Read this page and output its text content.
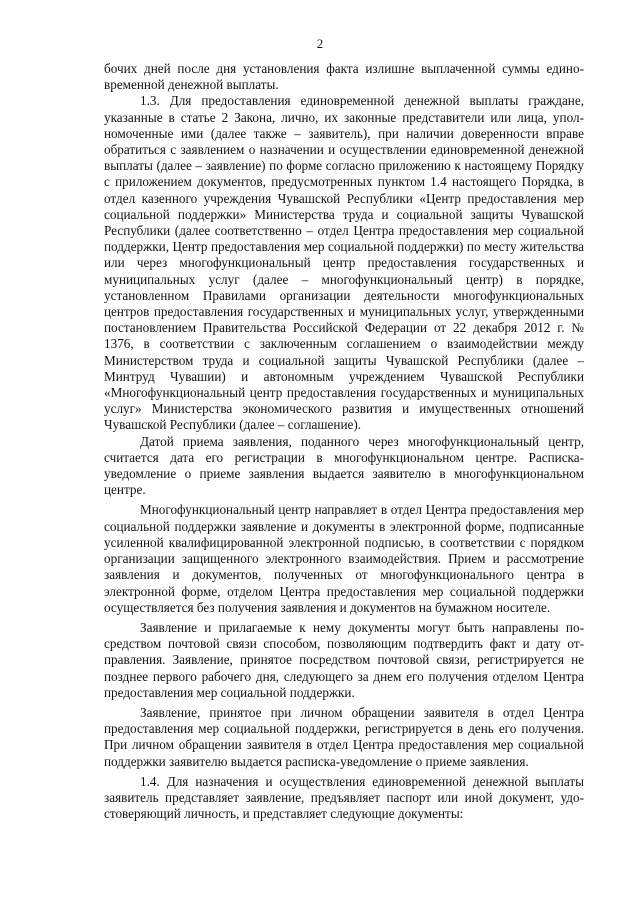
2

бочих дней после дня установления факта излишне выплаченной суммы единовременной денежной выплаты.

1.3. Для предоставления единовременной денежной выплаты граждане, указанные в статье 2 Закона, лично, их законные представители или лица, уполномоченные ими (далее также – заявитель), при наличии доверенности вправе обратиться с заявлением о назначении и осуществлении единовременной денежной выплаты (далее – заявление) по форме согласно приложению к настоящему Порядку с приложением документов, предусмотренных пунктом 1.4 настоящего Порядка, в отдел казенного учреждения Чувашской Республики «Центр предоставления мер социальной поддержки» Министерства труда и социальной защиты Чувашской Республики (далее соответственно – отдел Центра предоставления мер социальной поддержки, Центр предоставления мер социальной поддержки) по месту жительства или через многофункциональный центр предоставления государственных и муниципальных услуг (далее – многофункциональный центр) в порядке, установленном Правилами организации деятельности многофункциональных центров предоставления государственных и муниципальных услуг, утвержденными постановлением Правительства Российской Федерации от 22 декабря 2012 г. № 1376, в соответствии с заключенным соглашением о взаимодействии между Министерством труда и социальной защиты Чувашской Республики (далее – Минтруд Чувашии) и автономным учреждением Чувашской Республики «Многофункциональный центр предоставления государственных и муниципальных услуг» Министерства экономического развития и имущественных отношений Чувашской Республики (далее – соглашение).

Датой приема заявления, поданного через многофункциональный центр, считается дата его регистрации в многофункциональном центре. Расписка-уведомление о приеме заявления выдается заявителю в многофункциональном центре.

Многофункциональный центр направляет в отдел Центра предоставления мер социальной поддержки заявление и документы в электронной форме, подписанные усиленной квалифицированной электронной подписью, в соответствии с порядком организации защищенного электронного взаимодействия. Прием и рассмотрение заявления и документов, полученных от многофункционального центра в электронной форме, отделом Центра предоставления мер социальной поддержки осуществляется без получения заявления и документов на бумажном носителе.

Заявление и прилагаемые к нему документы могут быть направлены посредством почтовой связи способом, позволяющим подтвердить факт и дату отправления. Заявление, принятое посредством почтовой связи, регистрируется не позднее первого рабочего дня, следующего за днем его получения отделом Центра предоставления мер социальной поддержки.

Заявление, принятое при личном обращении заявителя в отдел Центра предоставления мер социальной поддержки, регистрируется в день его получения. При личном обращении заявителя в отдел Центра предоставления мер социальной поддержки заявителю выдается расписка-уведомление о приеме заявления.

1.4. Для назначения и осуществления единовременной денежной выплаты заявитель представляет заявление, предъявляет паспорт или иной документ, удостоверяющий личность, и представляет следующие документы:
